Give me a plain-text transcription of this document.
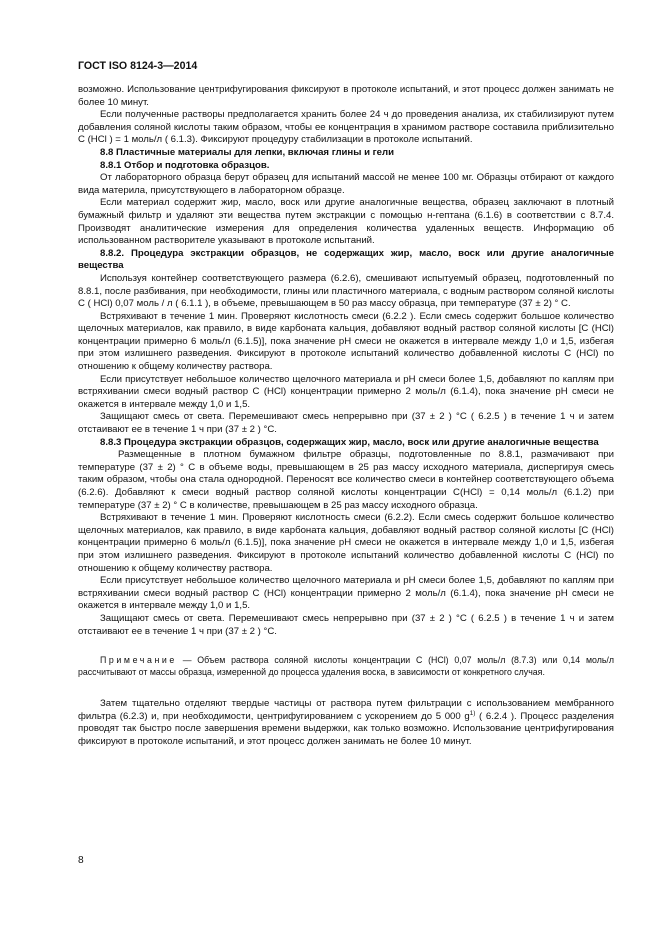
ГОСТ ISO 8124-3—2014

возможно. Использование центрифугирования фиксируют в протоколе испытаний, и этот процесс должен занимать не более 10 минут.

Если полученные растворы предполагается хранить более 24 ч до проведения анализа, их стабилизируют путем добавления соляной кислоты таким образом, чтобы ее концентрация в хранимом растворе составила приблизительно C (HCl ) = 1 моль/л ( 6.1.3). Фиксируют процедуру стабилизации в протоколе испытаний.

8.8 Пластичные материалы для лепки, включая глины и гели

8.8.1 Отбор и подготовка образцов.

От лабораторного образца берут образец для испытаний массой не менее 100 мг. Образцы отбирают от каждого вида материла, присутствующего в лабораторном образце.

Если материал содержит жир, масло, воск или другие аналогичные вещества, образец заключают в плотный бумажный фильтр и удаляют эти вещества путем экстракции с помощью н-гептана (6.1.6) в соответствии с 8.7.4. Производят аналитические измерения для определения количества удаленных веществ. Информацию об использованном растворителе указывают в протоколе испытаний.

8.8.2. Процедура экстракции образцов, не содержащих жир, масло, воск или другие аналогичные вещества

Используя контейнер соответствующего размера (6.2.6), смешивают испытуемый образец, подготовленный по 8.8.1, после разбивания, при необходимости, глины или пластичного материала, с водным раствором соляной кислоты C ( HCl) 0,07 моль / л ( 6.1.1 ), в объеме, превышающем в 50 раз массу образца, при температуре (37 ± 2) ° C.

Встряхивают в течение 1 мин. Проверяют кислотность смеси (6.2.2 ). Если смесь содержит большое количество щелочных материалов, как правило, в виде карбоната кальция, добавляют водный раствор соляной кислоты [C (HCl) концентрации примерно 6 моль/л (6.1.5)], пока значение pH смеси не окажется в интервале между 1,0 и 1,5, избегая при этом излишнего разведения. Фиксируют в протоколе испытаний количество добавленной кислоты C (HCl) по отношению к общему количеству раствора.

Если присутствует небольшое количество щелочного материала и pH смеси более 1,5, добавляют по каплям при встряхивании смеси водный раствор C (HCl) концентрации примерно 2 моль/л (6.1.4), пока значение pH смеси не окажется в интервале между 1,0 и 1,5.

Защищают смесь от света. Перемешивают смесь непрерывно при (37 ± 2 ) °C ( 6.2.5 ) в течение 1 ч и затем отстаивают ее в течение 1 ч при (37 ± 2 ) °C.

8.8.3 Процедура экстракции образцов, содержащих жир, масло, воск или другие аналогичные вещества

Размещенные в плотном бумажном фильтре образцы, подготовленные по 8.8.1, размачивают при температуре (37 ± 2) ° C в объеме воды, превышающем в 25 раз массу исходного материала, диспергируя смесь таким образом, чтобы она стала однородной. Переносят все количество смеси в контейнер соответствующего объема (6.2.6). Добавляют к смеси водный раствор соляной кислоты концентрации C(HCl) = 0,14 моль/л (6.1.2) при температуре (37 ± 2) ° C в количестве, превышающем в 25 раз массу исходного образца.

Встряхивают в течение 1 мин. Проверяют кислотность смеси (6.2.2). Если смесь содержит большое количество щелочных материалов, как правило, в виде карбоната кальция, добавляют водный раствор соляной кислоты [C (HCl) концентрации примерно 6 моль/л (6.1.5)], пока значение pH смеси не окажется в интервале между 1,0 и 1,5, избегая при этом излишнего разведения. Фиксируют в протоколе испытаний количество добавленной кислоты C (HCl) по отношению к общему количеству раствора.

Если присутствует небольшое количество щелочного материала и pH смеси более 1,5, добавляют по каплям при встряхивании смеси водный раствор C (HCl) концентрации примерно 2 моль/л (6.1.4), пока значение pH смеси не окажется в интервале между 1,0 и 1,5.

Защищают смесь от света. Перемешивают смесь непрерывно при (37 ± 2 ) °C ( 6.2.5 ) в течение 1 ч и затем отстаивают ее в течение 1 ч при (37 ± 2 ) °C.

Примечание — Объем раствора соляной кислоты концентрации C (HCl) 0,07 моль/л (8.7.3) или 0,14 моль/л рассчитывают от массы образца, измеренной до процесса удаления воска, в зависимости от конкретного случая.

Затем тщательно отделяют твердые частицы от раствора путем фильтрации с использованием мембранного фильтра (6.2.3) и, при необходимости, центрифугированием с ускорением до 5 000 $g^{1)}$ ( 6.2.4 ). Процесс разделения проводят так быстро после завершения времени выдержки, как только возможно. Использование центрифугирования фиксируют в протоколе испытаний, и этот процесс должен занимать не более 10 минут.

8
